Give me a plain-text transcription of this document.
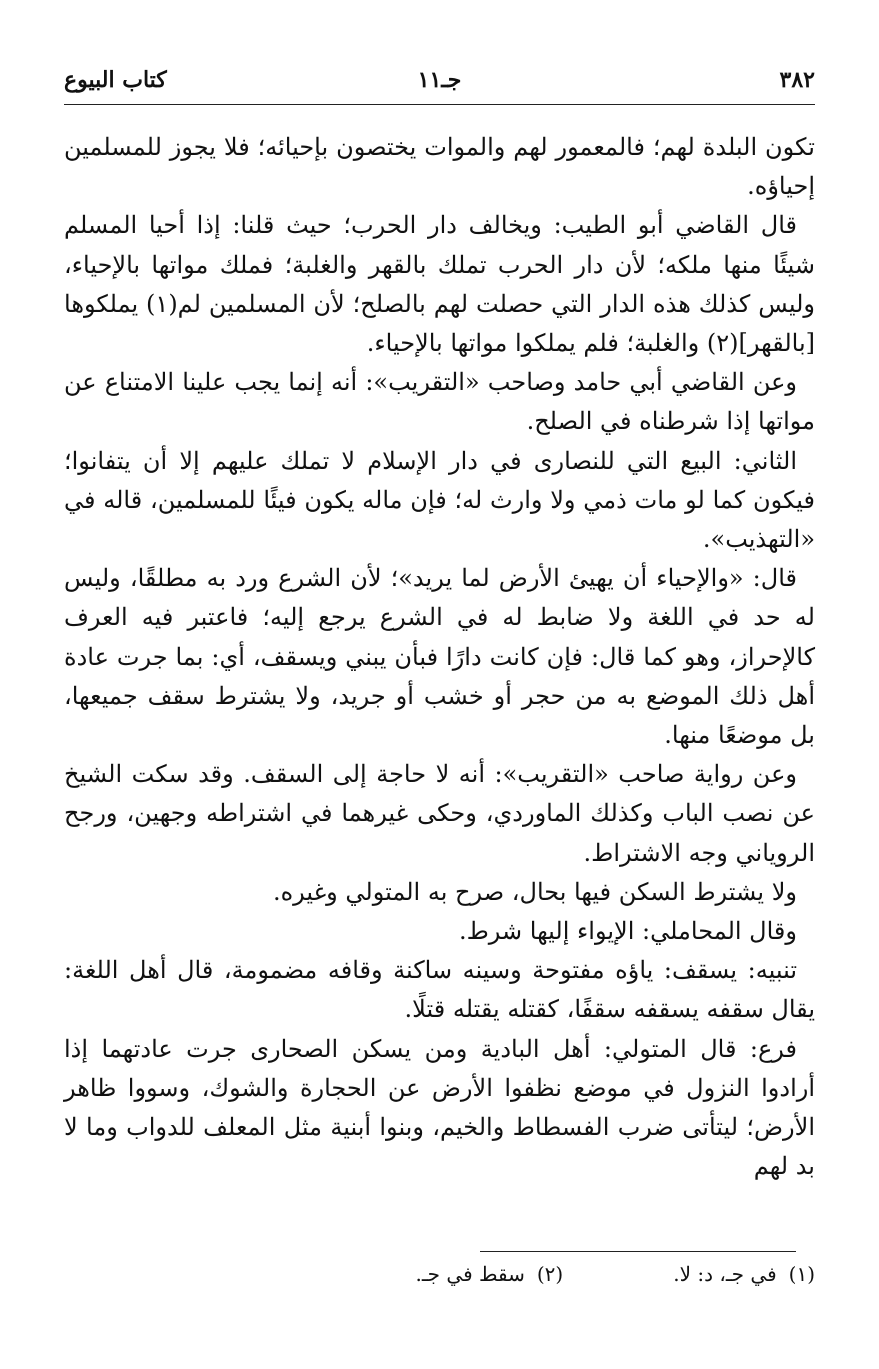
٣٨٢
جـ١١
كتاب البيوع

تكون البلدة لهم؛ فالمعمور لهم والموات يختصون بإحيائه؛ فلا يجوز للمسلمين إحياؤه.

قال القاضي أبو الطيب: ويخالف دار الحرب؛ حيث قلنا: إذا أحيا المسلم شيئًا منها ملكه؛ لأن دار الحرب تملك بالقهر والغلبة؛ فملك مواتها بالإحياء، وليس كذلك هذه الدار التي حصلت لهم بالصلح؛ لأن المسلمين لم(١) يملكوها [بالقهر](٢) والغلبة؛ فلم يملكوا مواتها بالإحياء.

وعن القاضي أبي حامد وصاحب «التقريب»: أنه إنما يجب علينا الامتناع عن مواتها إذا شرطناه في الصلح.

الثاني: البيع التي للنصارى في دار الإسلام لا تملك عليهم إلا أن يتفانوا؛ فيكون كما لو مات ذمي ولا وارث له؛ فإن ماله يكون فيئًا للمسلمين، قاله في «التهذيب».

قال: «والإحياء أن يهيئ الأرض لما يريد»؛ لأن الشرع ورد به مطلقًا، وليس له حد في اللغة ولا ضابط له في الشرع يرجع إليه؛ فاعتبر فيه العرف كالإحراز، وهو كما قال: فإن كانت دارًا فبأن يبني ويسقف، أي: بما جرت عادة أهل ذلك الموضع به من حجر أو خشب أو جريد، ولا يشترط سقف جميعها، بل موضعًا منها.

وعن رواية صاحب «التقريب»: أنه لا حاجة إلى السقف. وقد سكت الشيخ عن نصب الباب وكذلك الماوردي، وحكى غيرهما في اشتراطه وجهين، ورجح الروياني وجه الاشتراط.

ولا يشترط السكن فيها بحال، صرح به المتولي وغيره.

وقال المحاملي: الإيواء إليها شرط.

تنبيه: يسقف: ياؤه مفتوحة وسينه ساكنة وقافه مضمومة، قال أهل اللغة: يقال سقفه يسقفه سقفًا، كقتله يقتله قتلًا.

فرع: قال المتولي: أهل البادية ومن يسكن الصحارى جرت عادتهما إذا أرادوا النزول في موضع نظفوا الأرض عن الحجارة والشوك، وسووا ظاهر الأرض؛ ليتأتى ضرب الفسطاط والخيم، وبنوا أبنية مثل المعلف للدواب وما لا بد لهم

(١)
في جـ، د: لا.
(٢)
سقط في جـ.
